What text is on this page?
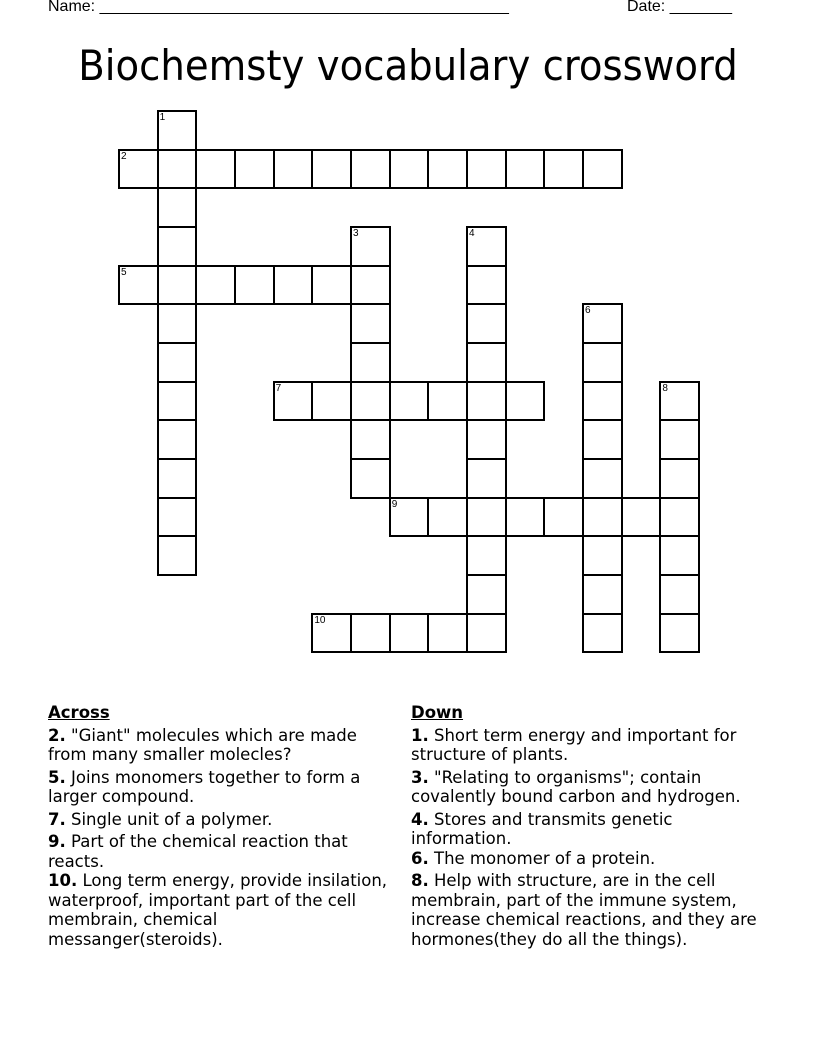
Name: ______________________________________________	Date: _______
Biochemsty vocabulary crossword
1
2
3	4
5
6
7	8
9
10
Across
2. "Giant" molecules which are made from many smaller molecles?
5. Joins monomers together to form a larger compound.
7. Single unit of a polymer.
9. Part of the chemical reaction that reacts.
10. Long term energy, provide insilation, waterproof, important part of the cell membrain, chemical messanger(steroids).
Down
1. Short term energy and important for structure of plants.
3. "Relating to organisms"; contain covalently bound carbon and hydrogen.
4. Stores and transmits genetic information.
6. The monomer of a protein.
8. Help with structure, are in the cell membrain, part of the immune system, increase chemical reactions, and they are hormones(they do all the things).
